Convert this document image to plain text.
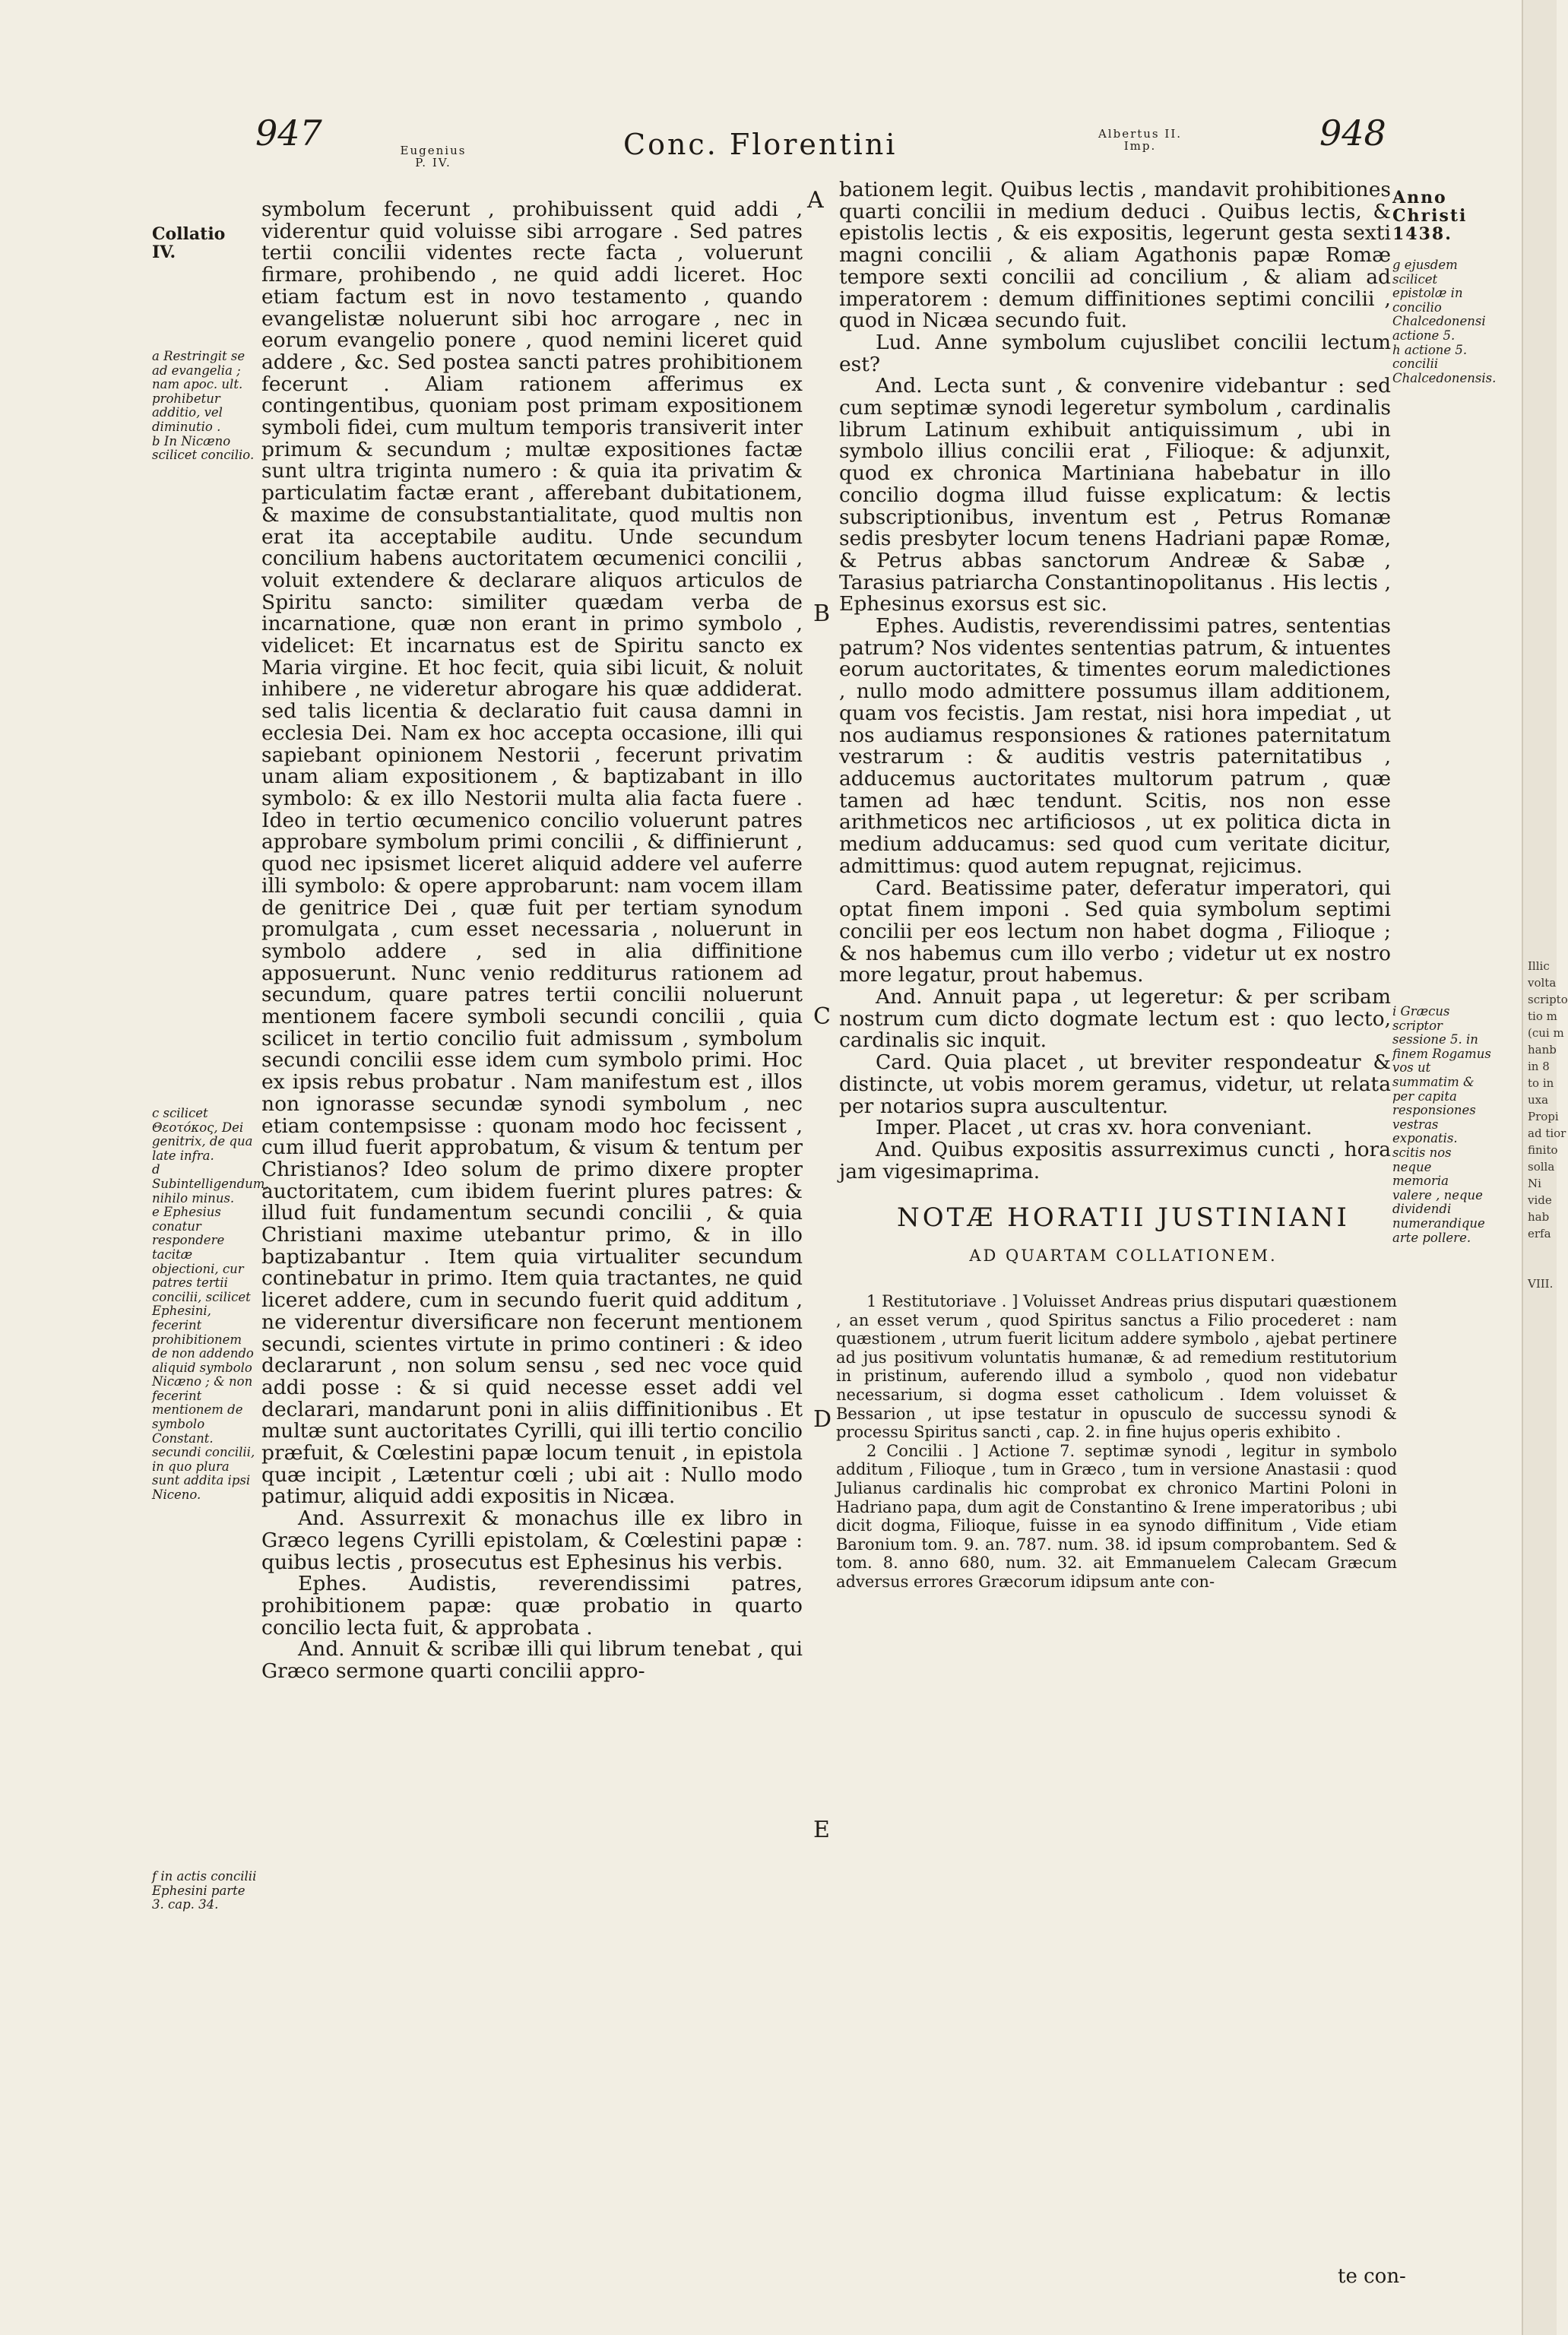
947	Eugenius
P. IV.
Conc. Florentini	Albertus II.
Imp.	948
Collatio
IV.
a Restringit se ad evangelia ; nam apoc. ult. prohibetur additio, vel diminutio .
b In Nicæno scilicet concilio.
c scilicet Θεοτόκος, Dei genitrix, de qua late infra.
d Subintelligendum, nihilo minus.
e Ephesius conatur respondere tacitæ objectioni, cur patres tertii concilii, scilicet Ephesini, fecerint prohibitionem de non addendo aliquid symbolo Nicæno ; & non fecerint mentionem de symbolo Constant. secundi concilii, in quo plura sunt addita ipsi Niceno.
f in actis concilii Ephesini parte 3. cap. 34.

symbolum fecerunt , prohibuissent quid addi , viderentur quid voluisse sibi arrogare . Sed patres tertii concilii videntes recte facta , voluerunt firmare, prohibendo , ne quid addi liceret. Hoc etiam factum est in novo testamento , quando evangelistæ noluerunt sibi hoc arrogare , nec in eorum evangelio ponere , quod nemini liceret quid addere , &c. Sed postea sancti patres prohibitionem fecerunt . Aliam rationem afferimus ex contingentibus, quoniam post primam expositionem symboli fidei, cum multum temporis transiverit inter primum & secundum ; multæ expositiones factæ sunt ultra triginta numero : & quia ita privatim & particulatim factæ erant , afferebant dubitationem, & maxime de consubstantialitate, quod multis non erat ita acceptabile auditu. Unde secundum concilium habens auctoritatem œcumenici concilii , voluit extendere & declarare aliquos articulos de Spiritu sancto: similiter quædam verba de incarnatione, quæ non erant in primo symbolo , videlicet: Et incarnatus est de Spiritu sancto ex Maria virgine. Et hoc fecit, quia sibi licuit, & noluit inhibere , ne videretur abrogare his quæ addiderat. sed talis licentia & declaratio fuit causa damni in ecclesia Dei. Nam ex hoc accepta occasione, illi qui sapiebant opinionem Nestorii , fecerunt privatim unam aliam expositionem , & baptizabant in illo symbolo: & ex illo Nestorii multa alia facta fuere . Ideo in tertio œcumenico concilio voluerunt patres approbare symbolum primi concilii , & diffinierunt , quod nec ipsismet liceret aliquid addere vel auferre illi symbolo: & opere approbarunt: nam vocem illam de genitrice Dei , quæ fuit per tertiam synodum promulgata , cum esset necessaria , noluerunt in symbolo addere , sed in alia diffinitione apposuerunt. Nunc venio redditurus rationem ad secundum, quare patres tertii concilii noluerunt mentionem facere symboli secundi concilii , quia scilicet in tertio concilio fuit admissum , symbolum secundi concilii esse idem cum symbolo primi. Hoc ex ipsis rebus probatur . Nam manifestum est , illos non ignorasse secundæ synodi symbolum , nec etiam contempsisse : quonam modo hoc fecissent , cum illud fuerit approbatum, & visum & tentum per Christianos? Ideo solum de primo dixere propter auctoritatem, cum ibidem fuerint plures patres: & illud fuit fundamentum secundi concilii , & quia Christiani maxime utebantur primo, & in illo baptizabantur . Item quia virtualiter secundum continebatur in primo. Item quia tractantes, ne quid liceret addere, cum in secundo fuerit quid additum , ne viderentur diversificare non fecerunt mentionem secundi, scientes virtute in primo contineri : & ideo declararunt , non solum sensu , sed nec voce quid addi posse : & si quid necesse esset addi vel declarari, mandarunt poni in aliis diffinitionibus . Et multæ sunt auctoritates Cyrilli, qui illi tertio concilio præfuit, & Cœlestini papæ locum tenuit , in epistola quæ incipit , Lætentur cœli ; ubi ait : Nullo modo patimur, aliquid addi expositis in Nicæa.

And. Assurrexit & monachus ille ex libro in Græco legens Cyrilli epistolam, & Cœlestini papæ : quibus lectis , prosecutus est Ephesinus his verbis.

Ephes. Audistis, reverendissimi patres, prohibitionem papæ: quæ probatio in quarto concilio lecta fuit, & approbata .

And. Annuit & scribæ illi qui librum tenebat , qui Græco sermone quarti concilii appro-

A
B
C
D
E

bationem legit. Quibus lectis , mandavit prohibitiones quarti concilii in medium deduci . Quibus lectis, & epistolis lectis , & eis expositis, legerunt gesta sexti magni concilii , & aliam Agathonis papæ Romæ tempore sexti concilii ad concilium , & aliam ad imperatorem : demum diffinitiones septimi concilii , quod in Nicæa secundo fuit.

Lud. Anne symbolum cujuslibet concilii lectum est?

And. Lecta sunt , & convenire videbantur : sed cum septimæ synodi legeretur symbolum , cardinalis librum Latinum exhibuit antiquissimum , ubi in symbolo illius concilii erat , Filioque: & adjunxit, quod ex chronica Martiniana habebatur in illo concilio dogma illud fuisse explicatum: & lectis subscriptionibus, inventum est , Petrus Romanæ sedis presbyter locum tenens Hadriani papæ Romæ, & Petrus abbas sanctorum Andreæ & Sabæ , Tarasius patriarcha Constantinopolitanus . His lectis , Ephesinus exorsus est sic.

Ephes. Audistis, reverendissimi patres, sententias patrum? Nos videntes sententias patrum, & intuentes eorum auctoritates, & timentes eorum maledictiones , nullo modo admittere possumus illam additionem, quam vos fecistis. Jam restat, nisi hora impediat , ut nos audiamus responsiones & rationes paternitatum vestrarum : & auditis vestris paternitatibus , adducemus auctoritates multorum patrum , quæ tamen ad hæc tendunt. Scitis, nos non esse arithmeticos nec artificiosos , ut ex politica dicta in medium adducamus: sed quod cum veritate dicitur, admittimus: quod autem repugnat, rejicimus.

Card. Beatissime pater, deferatur imperatori, qui optat finem imponi . Sed quia symbolum septimi concilii per eos lectum non habet dogma , Filioque ; & nos habemus cum illo verbo ; videtur ut ex nostro more legatur, prout habemus.

And. Annuit papa , ut legeretur: & per scribam nostrum cum dicto dogmate lectum est : quo lecto, cardinalis sic inquit.

Card. Quia placet , ut breviter respondeatur & distincte, ut vobis morem geramus, videtur, ut relata per notarios supra auscultentur.

Imper. Placet , ut cras xv. hora conveniant.

And. Quibus expositis assurreximus cuncti , hora jam vigesimaprima.

Anno
Christi
1438.
g ejusdem scilicet epistolæ in concilio Chalcedonensi actione 5.
h actione 5. concilii Chalcedonensis.
i Græcus scriptor sessione 5. in finem Rogamus vos ut summatim & per capita responsiones vestras exponatis. scitis nos neque memoria valere , neque dividendi numerandique arte pollere.
NOTÆ HORATII JUSTINIANI
AD QUARTAM COLLATIONEM.

1 Restitutoriave . ] Voluisset Andreas prius disputari quæstionem , an esset verum , quod Spiritus sanctus a Filio procederet : nam quæstionem , utrum fuerit licitum addere symbolo , ajebat pertinere ad jus positivum voluntatis humanæ, & ad remedium restitutorium in pristinum, auferendo illud a symbolo , quod non videbatur necessarium, si dogma esset catholicum . Idem voluisset & Bessarion , ut ipse testatur in opusculo de successu synodi & processu Spiritus sancti , cap. 2. in fine hujus operis exhibito .

2 Concilii . ] Actione 7. septimæ synodi , legitur in symbolo additum , Filioque , tum in Græco , tum in versione Anastasii : quod Julianus cardinalis hic comprobat ex chronico Martini Poloni in Hadriano papa, dum agit de Constantino & Irene imperatoribus ; ubi dicit dogma, Filioque, fuisse in ea synodo diffinitum , Vide etiam Baronium tom. 9. an. 787. num. 38. id ipsum comprobantem. Sed & tom. 8. anno 680, num. 32. ait Emmanuelem Calecam Græcum adversus errores Græcorum idipsum ante con-

te con-
Illic
volta
scripto
tio m
(cui m
hanb
in 8
to in
uxa
Propi
ad tior
finito
solla
Ni
vide
hab
erfa

VIII.
